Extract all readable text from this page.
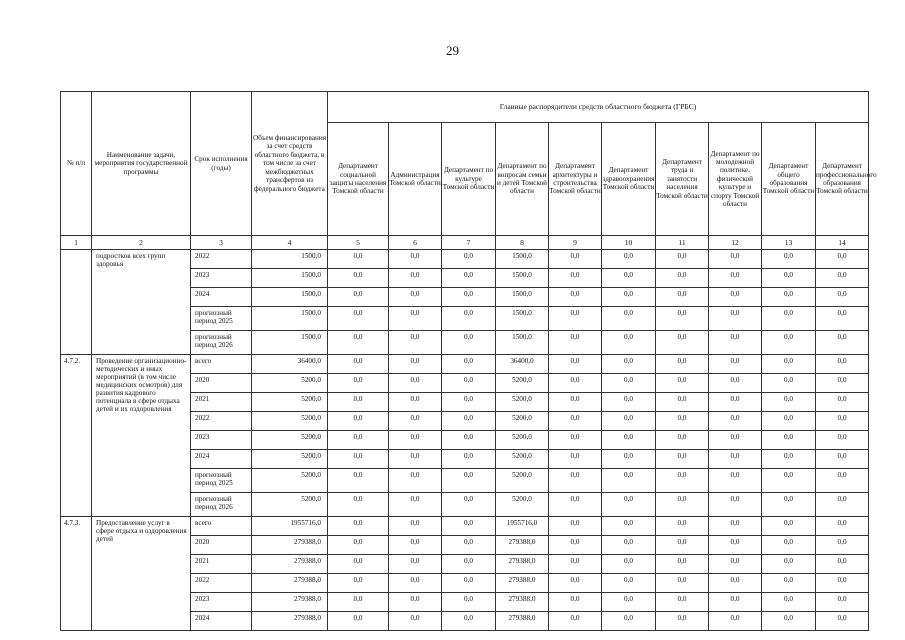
29
№ п/п	Наименование задачи, мероприятия государственной программы	Срок исполнения (годы)	Объем финансирования за счет средств областного бюджета, в том числе за счет межбюджетных трансфертов из федерального бюджета	Главные распорядители средств областного бюджета (ГРБС)									
				Департамент социальной защиты населения Томской области	Администрация Томской области	Департамент по культуре Томской области	Департамент по вопросам семьи и детей Томской области	Департамент архитектуры и строительства Томской области	Департамент здравоохранения Томской области	Департамент труда и занятости населения Томской области	Департамент по молодежной политике, физической культуре и спорту Томской области	Департамент общего образования Томской области	Департамент профессионального образования Томской области
1	2	3	4	5	6	7	8	9	10	11	12	13	14
	подростков всех групп здоровья	2022	1500,0	0,0	0,0	0,0	1500,0	0,0	0,0	0,0	0,0	0,0	0,0
		2023	1500,0	0,0	0,0	0,0	1500,0	0,0	0,0	0,0	0,0	0,0	0,0
		2024	1500,0	0,0	0,0	0,0	1500,0	0,0	0,0	0,0	0,0	0,0	0,0
		прогнозный период 2025	1500,0	0,0	0,0	0,0	1500,0	0,0	0,0	0,0	0,0	0,0	0,0
		прогнозный период 2026	1500,0	0,0	0,0	0,0	1500,0	0,0	0,0	0,0	0,0	0,0	0,0
4.7.2.	Проведение организационно-методических и иных мероприятий (в том числе медицинских осмотров) для развития кадрового потенциала в сфере отдыха детей и их оздоровления	всего	36400,0	0,0	0,0	0,0	36400,0	0,0	0,0	0,0	0,0	0,0	0,0
		2020	5200,0	0,0	0,0	0,0	5200,0	0,0	0,0	0,0	0,0	0,0	0,0
		2021	5200,0	0,0	0,0	0,0	5200,0	0,0	0,0	0,0	0,0	0,0	0,0
		2022	5200,0	0,0	0,0	0,0	5200,0	0,0	0,0	0,0	0,0	0,0	0,0
		2023	5200,0	0,0	0,0	0,0	5200,0	0,0	0,0	0,0	0,0	0,0	0,0
		2024	5200,0	0,0	0,0	0,0	5200,0	0,0	0,0	0,0	0,0	0,0	0,0
		прогнозный период 2025	5200,0	0,0	0,0	0,0	5200,0	0,0	0,0	0,0	0,0	0,0	0,0
		прогнозный период 2026	5200,0	0,0	0,0	0,0	5200,0	0,0	0,0	0,0	0,0	0,0	0,0
4.7.3.	Предоставление услуг в сфере отдыха и оздоровления детей	всего	1955716,0	0,0	0,0	0,0	1955716,0	0,0	0,0	0,0	0,0	0,0	0,0
		2020	279388,0	0,0	0,0	0,0	279388,0	0,0	0,0	0,0	0,0	0,0	0,0
		2021	279388,0	0,0	0,0	0,0	279388,0	0,0	0,0	0,0	0,0	0,0	0,0
		2022	279388,0	0,0	0,0	0,0	279388,0	0,0	0,0	0,0	0,0	0,0	0,0
		2023	279388,0	0,0	0,0	0,0	279388,0	0,0	0,0	0,0	0,0	0,0	0,0
		2024	279388,0	0,0	0,0	0,0	279388,0	0,0	0,0	0,0	0,0	0,0	0,0
